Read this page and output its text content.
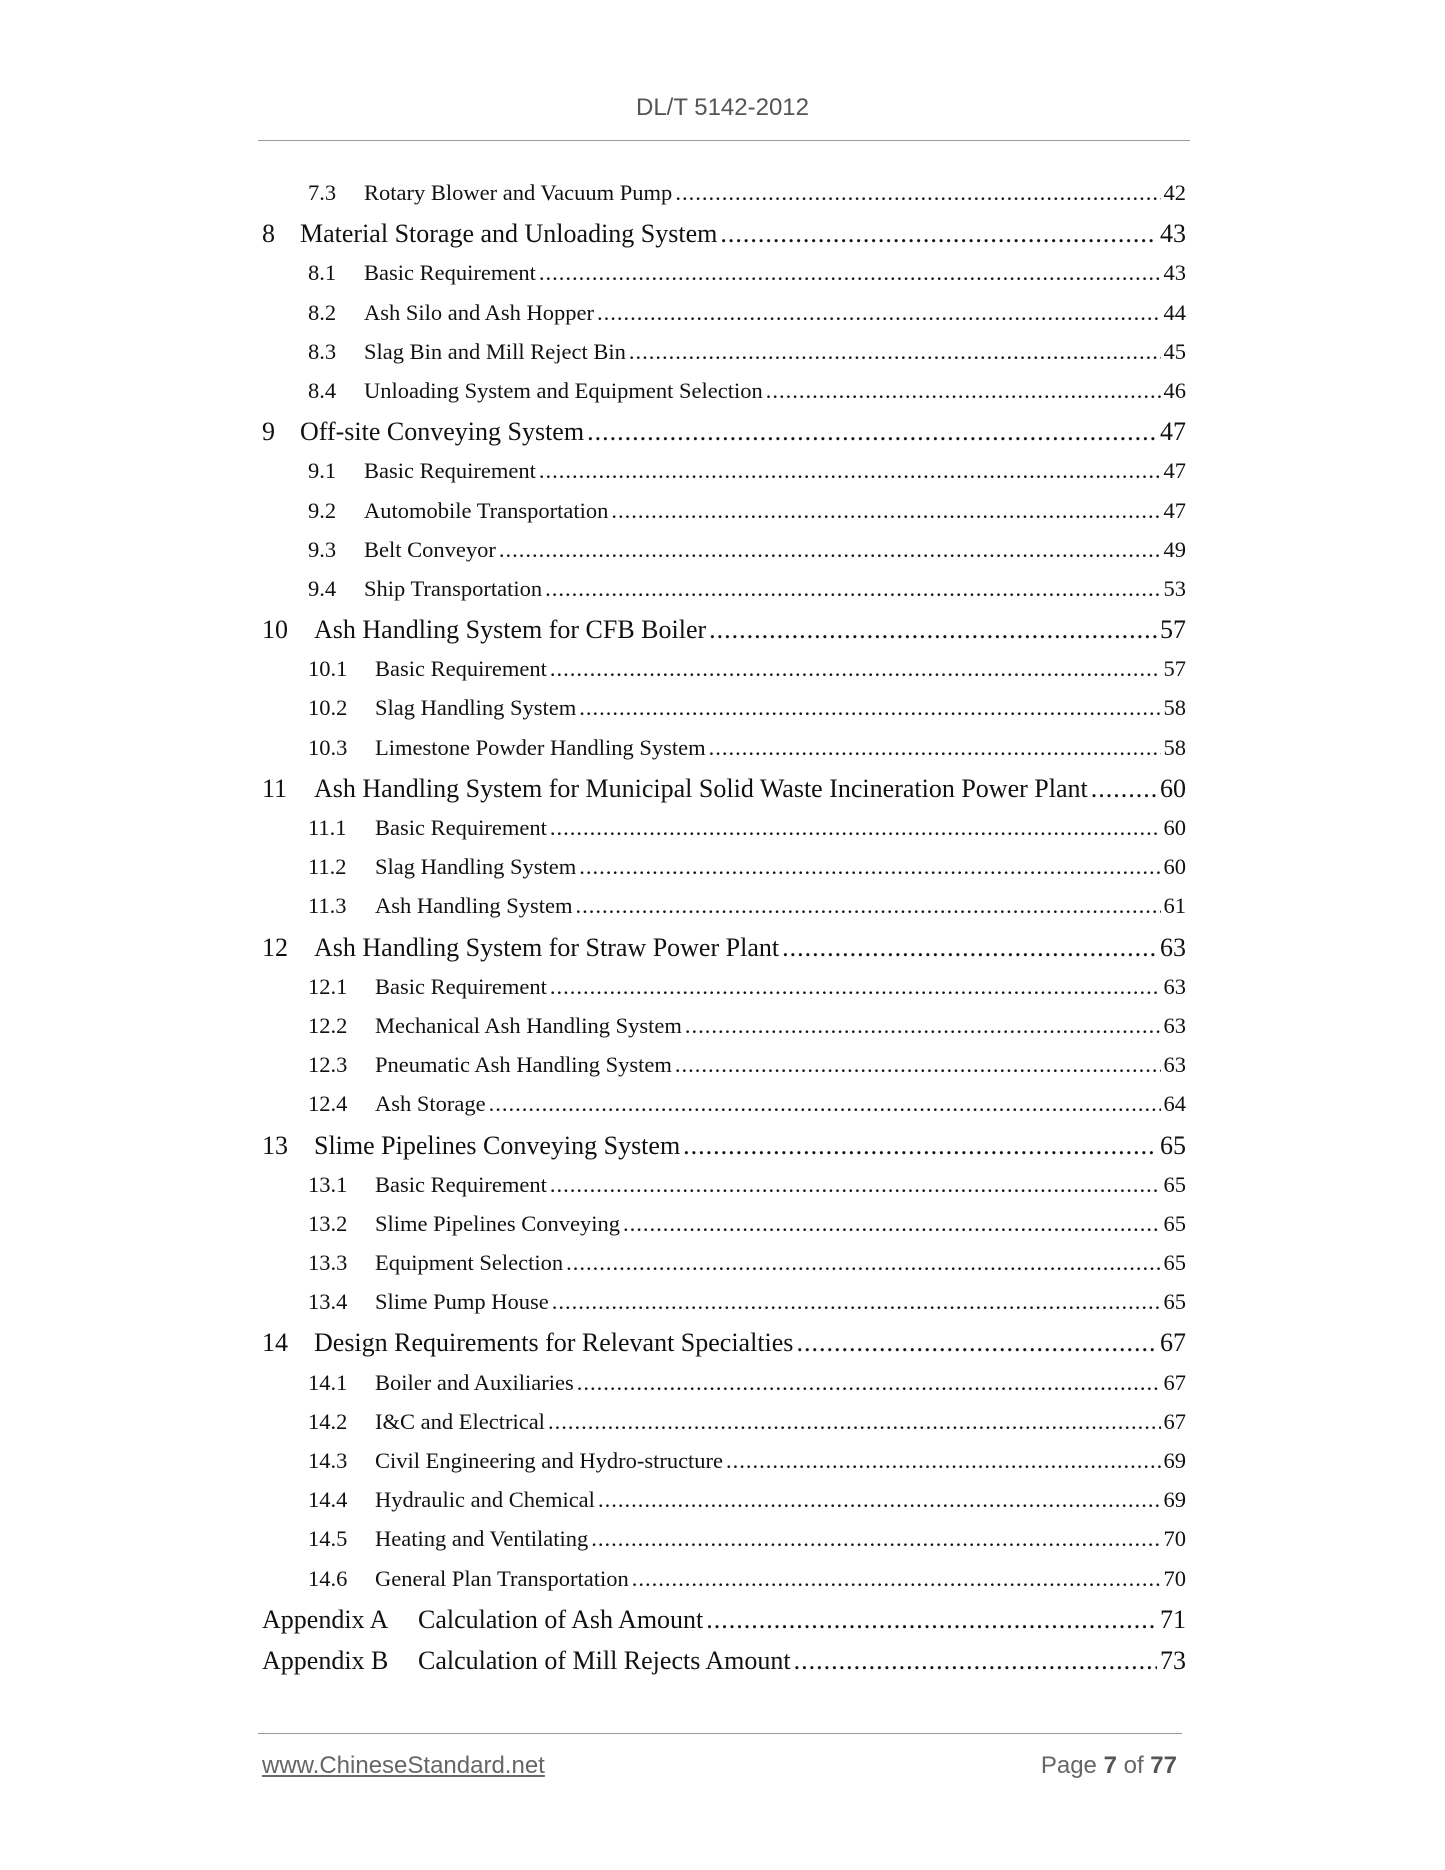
DL/T 5142-2012
7.3	Rotary Blower and Vacuum Pump .....	42
8 Material Storage and Unloading System .....	43
8.1	Basic Requirement .....	43
8.2	Ash Silo and Ash Hopper .....	44
8.3	Slag Bin and Mill Reject Bin .....	45
8.4	Unloading System and Equipment Selection .....	46
9 Off-site Conveying System .....	47
9.1	Basic Requirement .....	47
9.2	Automobile Transportation .....	47
9.3	Belt Conveyor .....	49
9.4	Ship Transportation .....	53
10	Ash Handling System for CFB Boiler .....	57
10.1	Basic Requirement .....	57
10.2	Slag Handling System .....	58
10.3	Limestone Powder Handling System .....	58
11	Ash Handling System for Municipal Solid Waste Incineration Power Plant .....	60
11.1	Basic Requirement .....	60
11.2	Slag Handling System .....	60
11.3	Ash Handling System .....	61
12	Ash Handling System for Straw Power Plant .....	63
12.1	Basic Requirement .....	63
12.2	Mechanical Ash Handling System .....	63
12.3	Pneumatic Ash Handling System .....	63
12.4	Ash Storage .....	64
13	Slime Pipelines Conveying System .....	65
13.1	Basic Requirement .....	65
13.2	Slime Pipelines Conveying .....	65
13.3	Equipment Selection .....	65
13.4	Slime Pump House .....	65
14	Design Requirements for Relevant Specialties .....	67
14.1	Boiler and Auxiliaries .....	67
14.2	I&C and Electrical .....	67
14.3	Civil Engineering and Hydro-structure .....	69
14.4	Hydraulic and Chemical .....	69
14.5	Heating and Ventilating .....	70
14.6	General Plan Transportation .....	70
Appendix A	Calculation of Ash Amount .....	71
Appendix B	Calculation of Mill Rejects Amount .....	73
www.ChineseStandard.net	Page 7 of 77
